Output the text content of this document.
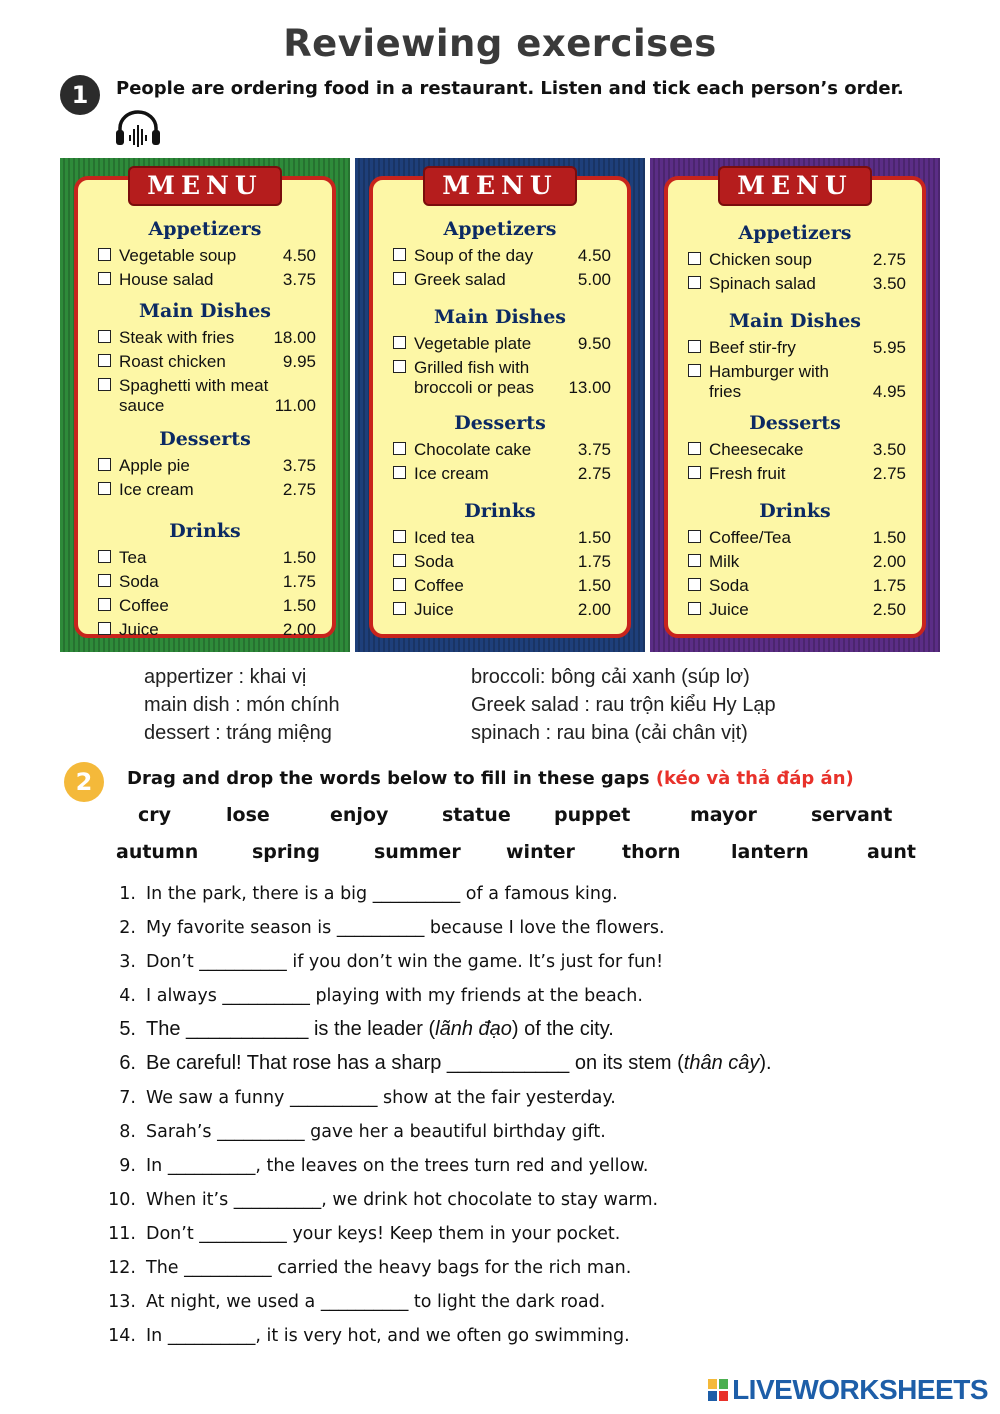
Reviewing exercises
1	People are ordering food in a restaurant. Listen and tick each person’s order.
MENU
Appetizers
Vegetable soup	4.50
House salad	3.75
Main Dishes
Steak with fries 18.00
Roast chicken	9.95
Spaghetti with meat sauce	11.00
Desserts
Apple pie	3.75
Ice cream	2.75
Drinks
Tea	1.50
Soda	1.75
Coffee	1.50
Juice	2.00
MENU
Appetizers
Soup of the day	4.50
Greek salad	5.00
Main Dishes
Vegetable plate	9.50
Grilled fish with broccoli or peas 13.00
Desserts
Chocolate cake	3.75
Ice cream	2.75
Drinks
Iced tea	1.50
Soda	1.75
Coffee	1.50
Juice	2.00
MENU
Appetizers
Chicken soup	2.75
Spinach salad	3.50
Main Dishes
Beef stir-fry	5.95
Hamburger with fries	4.95
Desserts
Cheesecake	3.50
Fresh fruit	2.75
Drinks
Coffee/Tea	1.50
Milk	2.00
Soda	1.75
Juice	2.50
appertizer : khai vị
main dish : món chính
dessert : tráng miệng
broccoli: bông cải xanh (súp lơ)
Greek salad : rau trộn kiểu Hy Lạp
spinach : rau bina (cải chân vịt)
2	Drag and drop the words below to fill in these gaps (kéo và thả đáp án)
cry	lose	enjoy	statue puppet	mayor	servant
autumn	spring	summer winter thorn	lantern	aunt
1. In the park, there is a big __________ of a famous king.
2. My favorite season is __________ because I love the flowers.
3. Don’t __________ if you don’t win the game. It’s just for fun!
4. I always __________ playing with my friends at the beach.
5. The ___________ is the leader (lãnh đạo) of the city.
6. Be careful! That rose has a sharp ___________ on its stem (thân cây).
7. We saw a funny __________ show at the fair yesterday.
8. Sarah’s __________ gave her a beautiful birthday gift.
9. In __________, the leaves on the trees turn red and yellow.
10. When it’s __________, we drink hot chocolate to stay warm.
11. Don’t __________ your keys! Keep them in your pocket.
12. The __________ carried the heavy bags for the rich man.
13. At night, we used a __________ to light the dark road.
14. In __________, it is very hot, and we often go swimming.
LIVEWORKSHEETS
